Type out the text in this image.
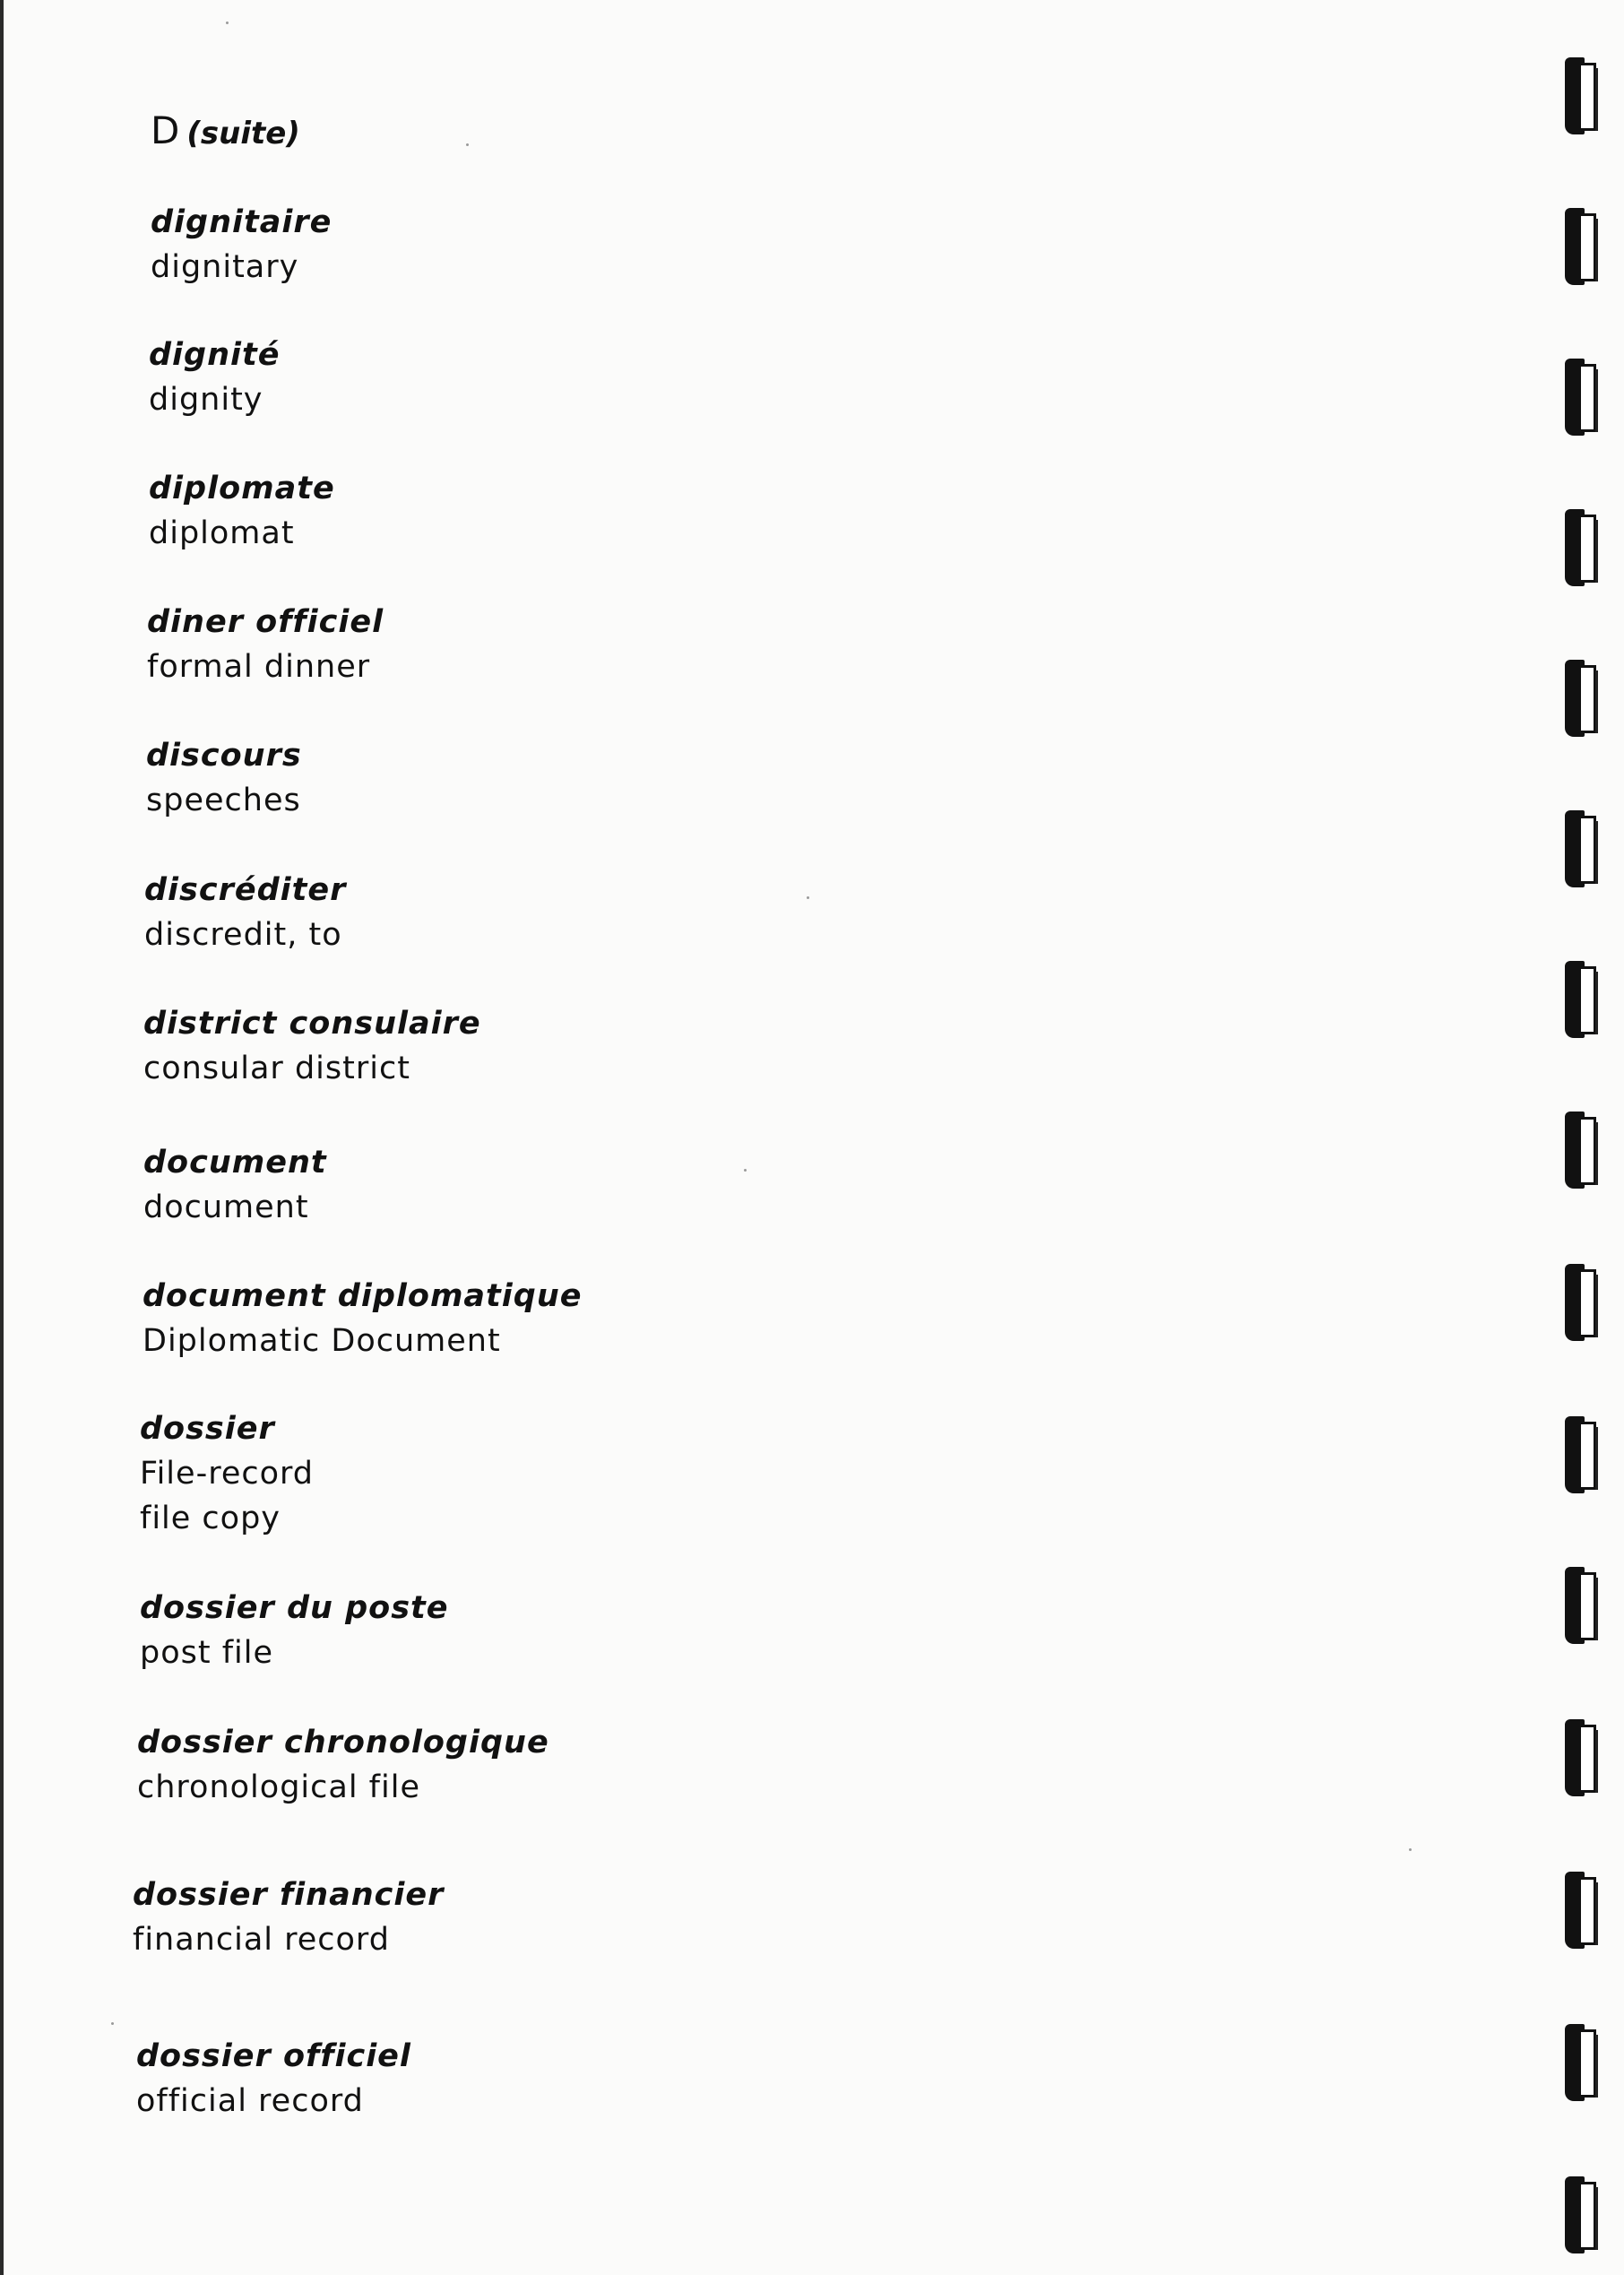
D (suite)
dignitaire
dignitary
dignité
dignity
diplomate
diplomat
diner officiel
formal dinner
discours
speeches
discréditer
discredit, to
district consulaire
consular district
document
document
document diplomatique
Diplomatic Document
dossier
File-record
file copy
dossier du poste
post file
dossier chronologique
chronological file
dossier financier
financial record
dossier officiel
official record
